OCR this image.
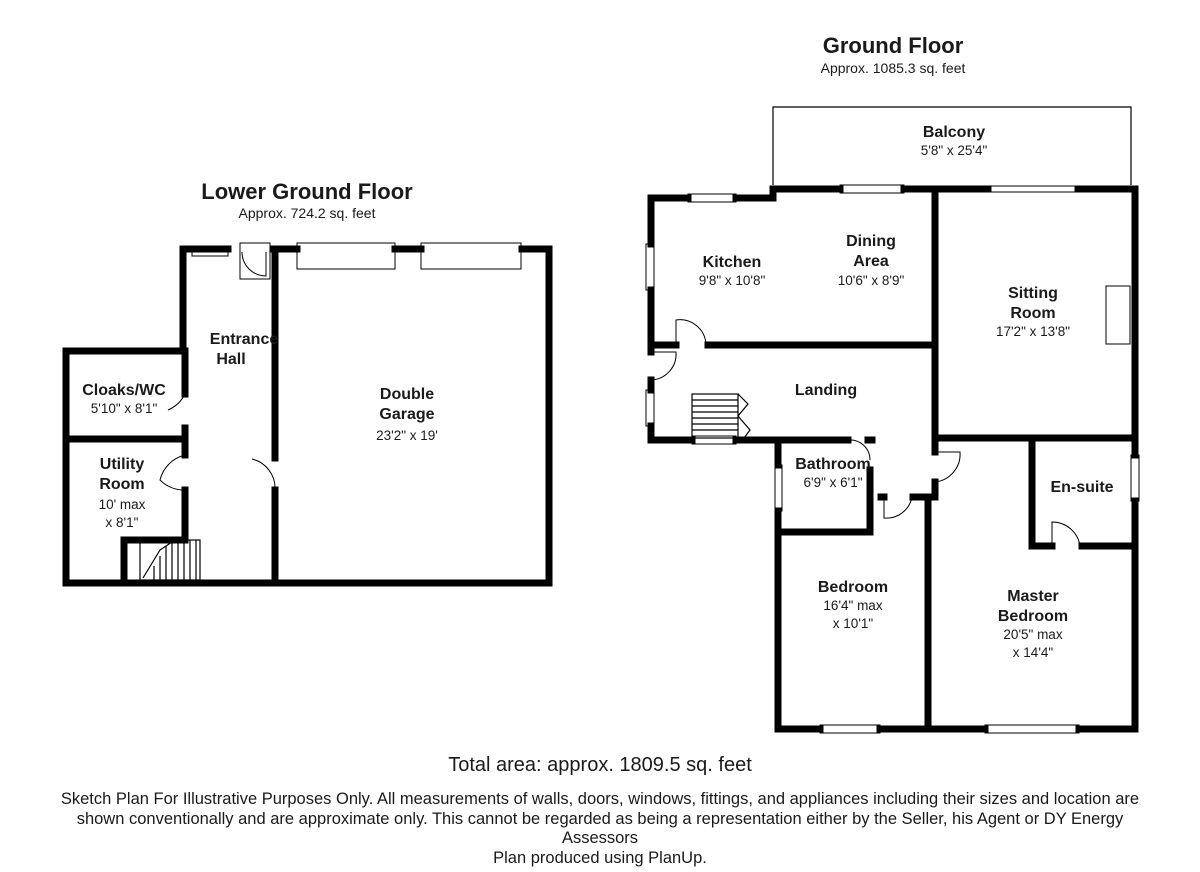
Lower Ground Floor
Approx. 724.2 sq. feet
Entrance Hall
Cloaks/WC
5'10" x 8'1"
Utility Room
10' max x 8'1"
Double Garage
23'2" x 19'
Ground Floor
Approx. 1085.3 sq. feet
Balcony
5'8" x 25'4"
Kitchen
9'8" x 10'8"
Dining Area
10'6" x 8'9"
Sitting Room
17'2" x 13'8"
Landing
Bathroom
6'9" x 6'1"	En-suite
Bedroom
16'4" max x 10'1"
Master Bedroom
20'5" max x 14'4"
Total area: approx. 1809.5 sq. feet
Sketch Plan For Illustrative Purposes Only. All measurements of walls, doors, windows, fittings, and appliances including their sizes and location are
shown conventionally and are approximate only. This cannot be regarded as being a representation either by the Seller, his Agent or DY Energy
Assessors
Plan produced using PlanUp.
